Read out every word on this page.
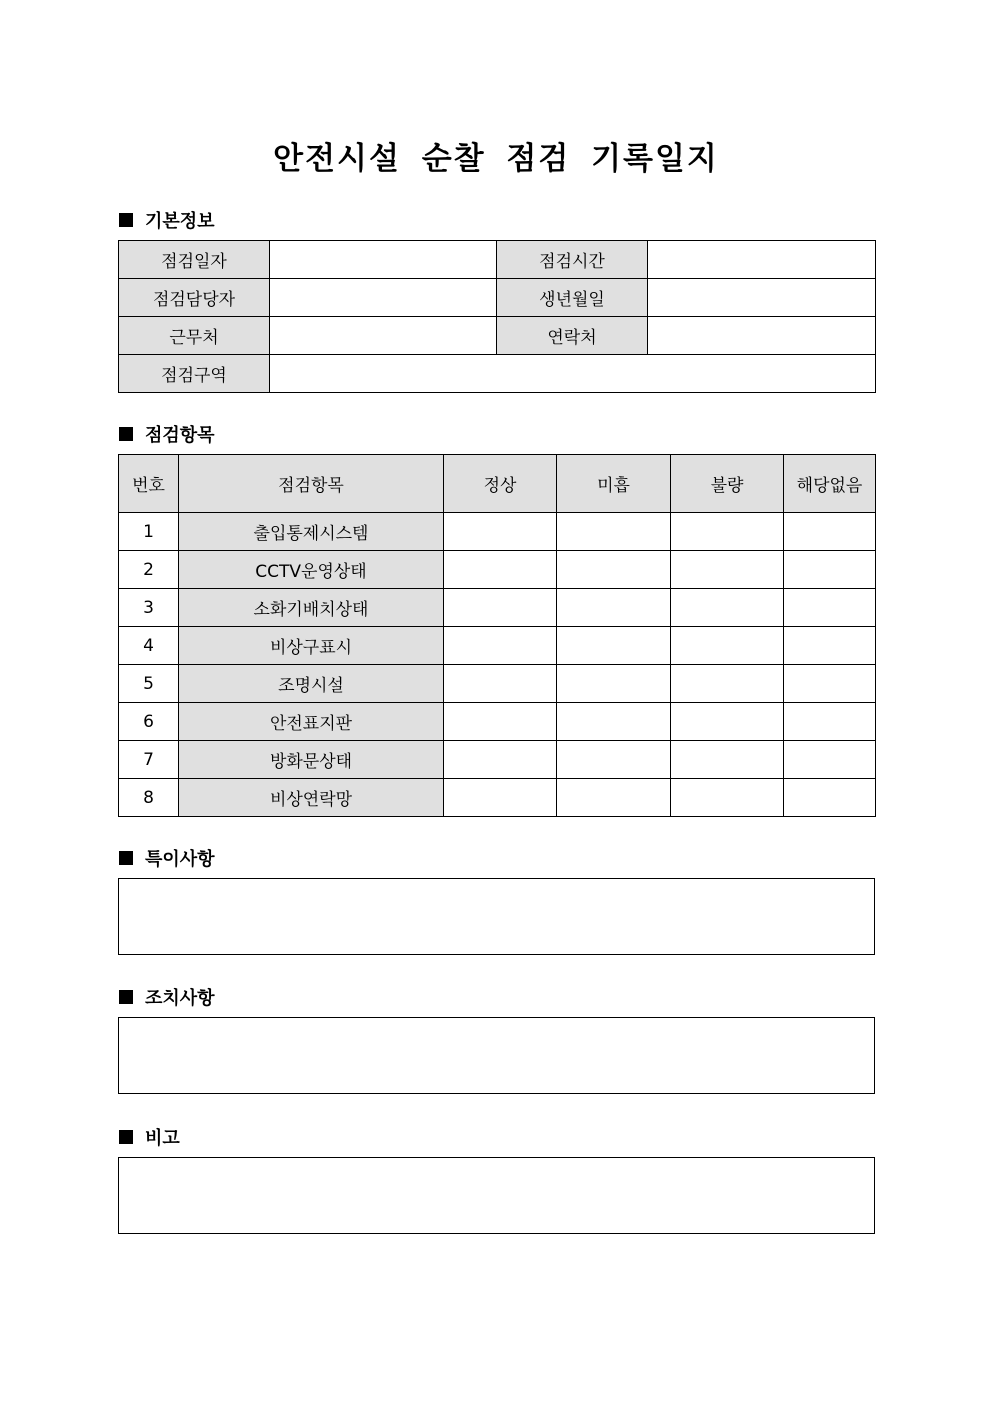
안전시설 순찰 점검 기록일지
기본정보
점검일자		점검시간	
점검담당자		생년월일	
근무처		연락처	
점검구역			
점검항목
번호	점검항목	정상	미흡	불량	해당없음
1	출입통제시스템				
2	CCTV운영상태				
3	소화기배치상태				
4	비상구표시				
5	조명시설				
6	안전표지판				
7	방화문상태				
8	비상연락망				
특이사항
조치사항
비고
